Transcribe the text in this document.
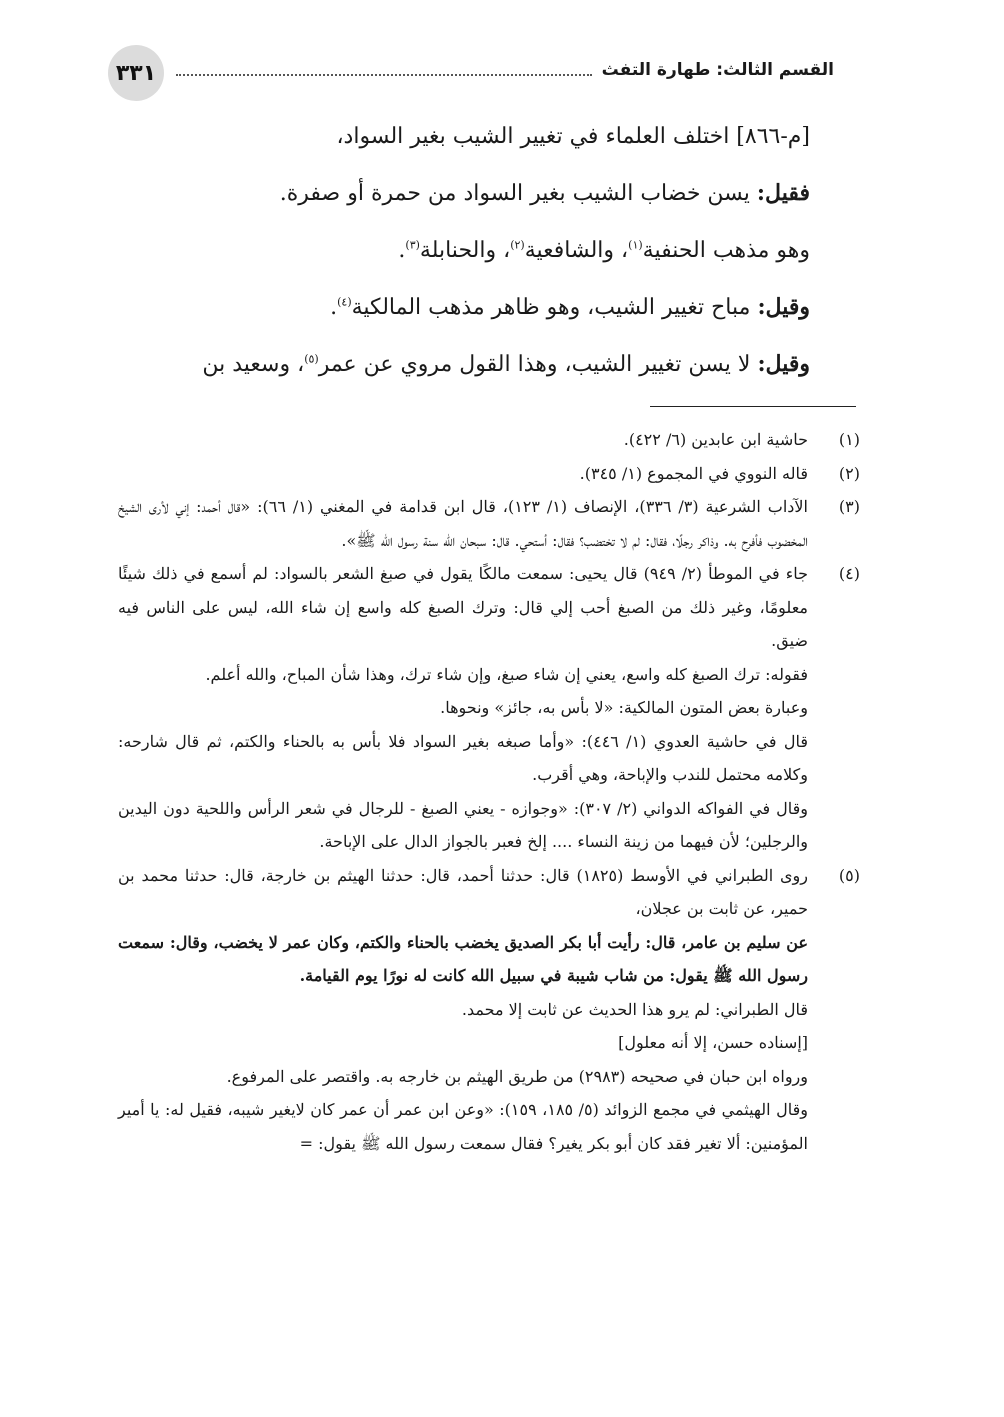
٣٣١	القسم الثالث: طهارة التفث

[م-٨٦٦] اختلف العلماء في تغيير الشيب بغير السواد،

فقيل: يسن خضاب الشيب بغير السواد من حمرة أو صفرة.

وهو مذهب الحنفية$^{(١)}$، والشافعية$^{(٢)}$، والحنابلة$^{(٣)}$.

وقيل: مباح تغيير الشيب، وهو ظاهر مذهب المالكية$^{(٤)}$.

وقيل: لا يسن تغيير الشيب، وهذا القول مروي عن عمر$^{(٥)}$، وسعيد بن

(١)

حاشية ابن عابدين (٦/ ٤٢٢).

(٢)

قاله النووي في المجموع (١/ ٣٤٥).

(٣)

الآداب الشرعية (٣/ ٣٣٦)، الإنصاف (١/ ١٢٣)، قال ابن قدامة في المغني (١/ ٦٦): «قال أحمد: إني لأرى الشيخ المخضوب فأفرح به. وذاكر رجلًا، فقال: لم لا تختضب؟ فقال: أستحي. قال: سبحان الله سنة رسول الله ﷺ».

(٤)

جاء في الموطأ (٢/ ٩٤٩) قال يحيى: سمعت مالكًا يقول في صبغ الشعر بالسواد: لم أسمع في ذلك شيئًا معلومًا، وغير ذلك من الصبغ أحب إلي قال: وترك الصبغ كله واسع إن شاء الله، ليس على الناس فيه ضيق.

فقوله: ترك الصبغ كله واسع، يعني إن شاء صبغ، وإن شاء ترك، وهذا شأن المباح، والله أعلم.

وعبارة بعض المتون المالكية: «لا بأس به، جائز» ونحوها.

قال في حاشية العدوي (١/ ٤٤٦): «وأما صبغه بغير السواد فلا بأس به بالحناء والكتم، ثم قال شارحه: وكلامه محتمل للندب والإباحة، وهي أقرب.

وقال في الفواكه الدواني (٢/ ٣٠٧): «وجوازه - يعني الصبغ - للرجال في شعر الرأس واللحية دون اليدين والرجلين؛ لأن فيهما من زينة النساء .... إلخ فعبر بالجواز الدال على الإباحة.

(٥)

روى الطبراني في الأوسط (١٨٢٥) قال: حدثنا أحمد، قال: حدثنا الهيثم بن خارجة، قال: حدثنا محمد بن حمير، عن ثابت بن عجلان،

عن سليم بن عامر، قال: رأيت أبا بكر الصديق يخضب بالحناء والكتم، وكان عمر لا يخضب، وقال: سمعت رسول الله ﷺ يقول: من شاب شيبة في سبيل الله كانت له نورًا يوم القيامة.

قال الطبراني: لم يرو هذا الحديث عن ثابت إلا محمد.

[إسناده حسن، إلا أنه معلول]

ورواه ابن حبان في صحيحه (٢٩٨٣) من طريق الهيثم بن خارجه به. واقتصر على المرفوع.

وقال الهيثمي في مجمع الزوائد (٥/ ١٨٥، ١٥٩): «وعن ابن عمر أن عمر كان لايغير شيبه، فقيل له: يا أمير المؤمنين: ألا تغير فقد كان أبو بكر يغير؟ فقال سمعت رسول الله ﷺ يقول: =
